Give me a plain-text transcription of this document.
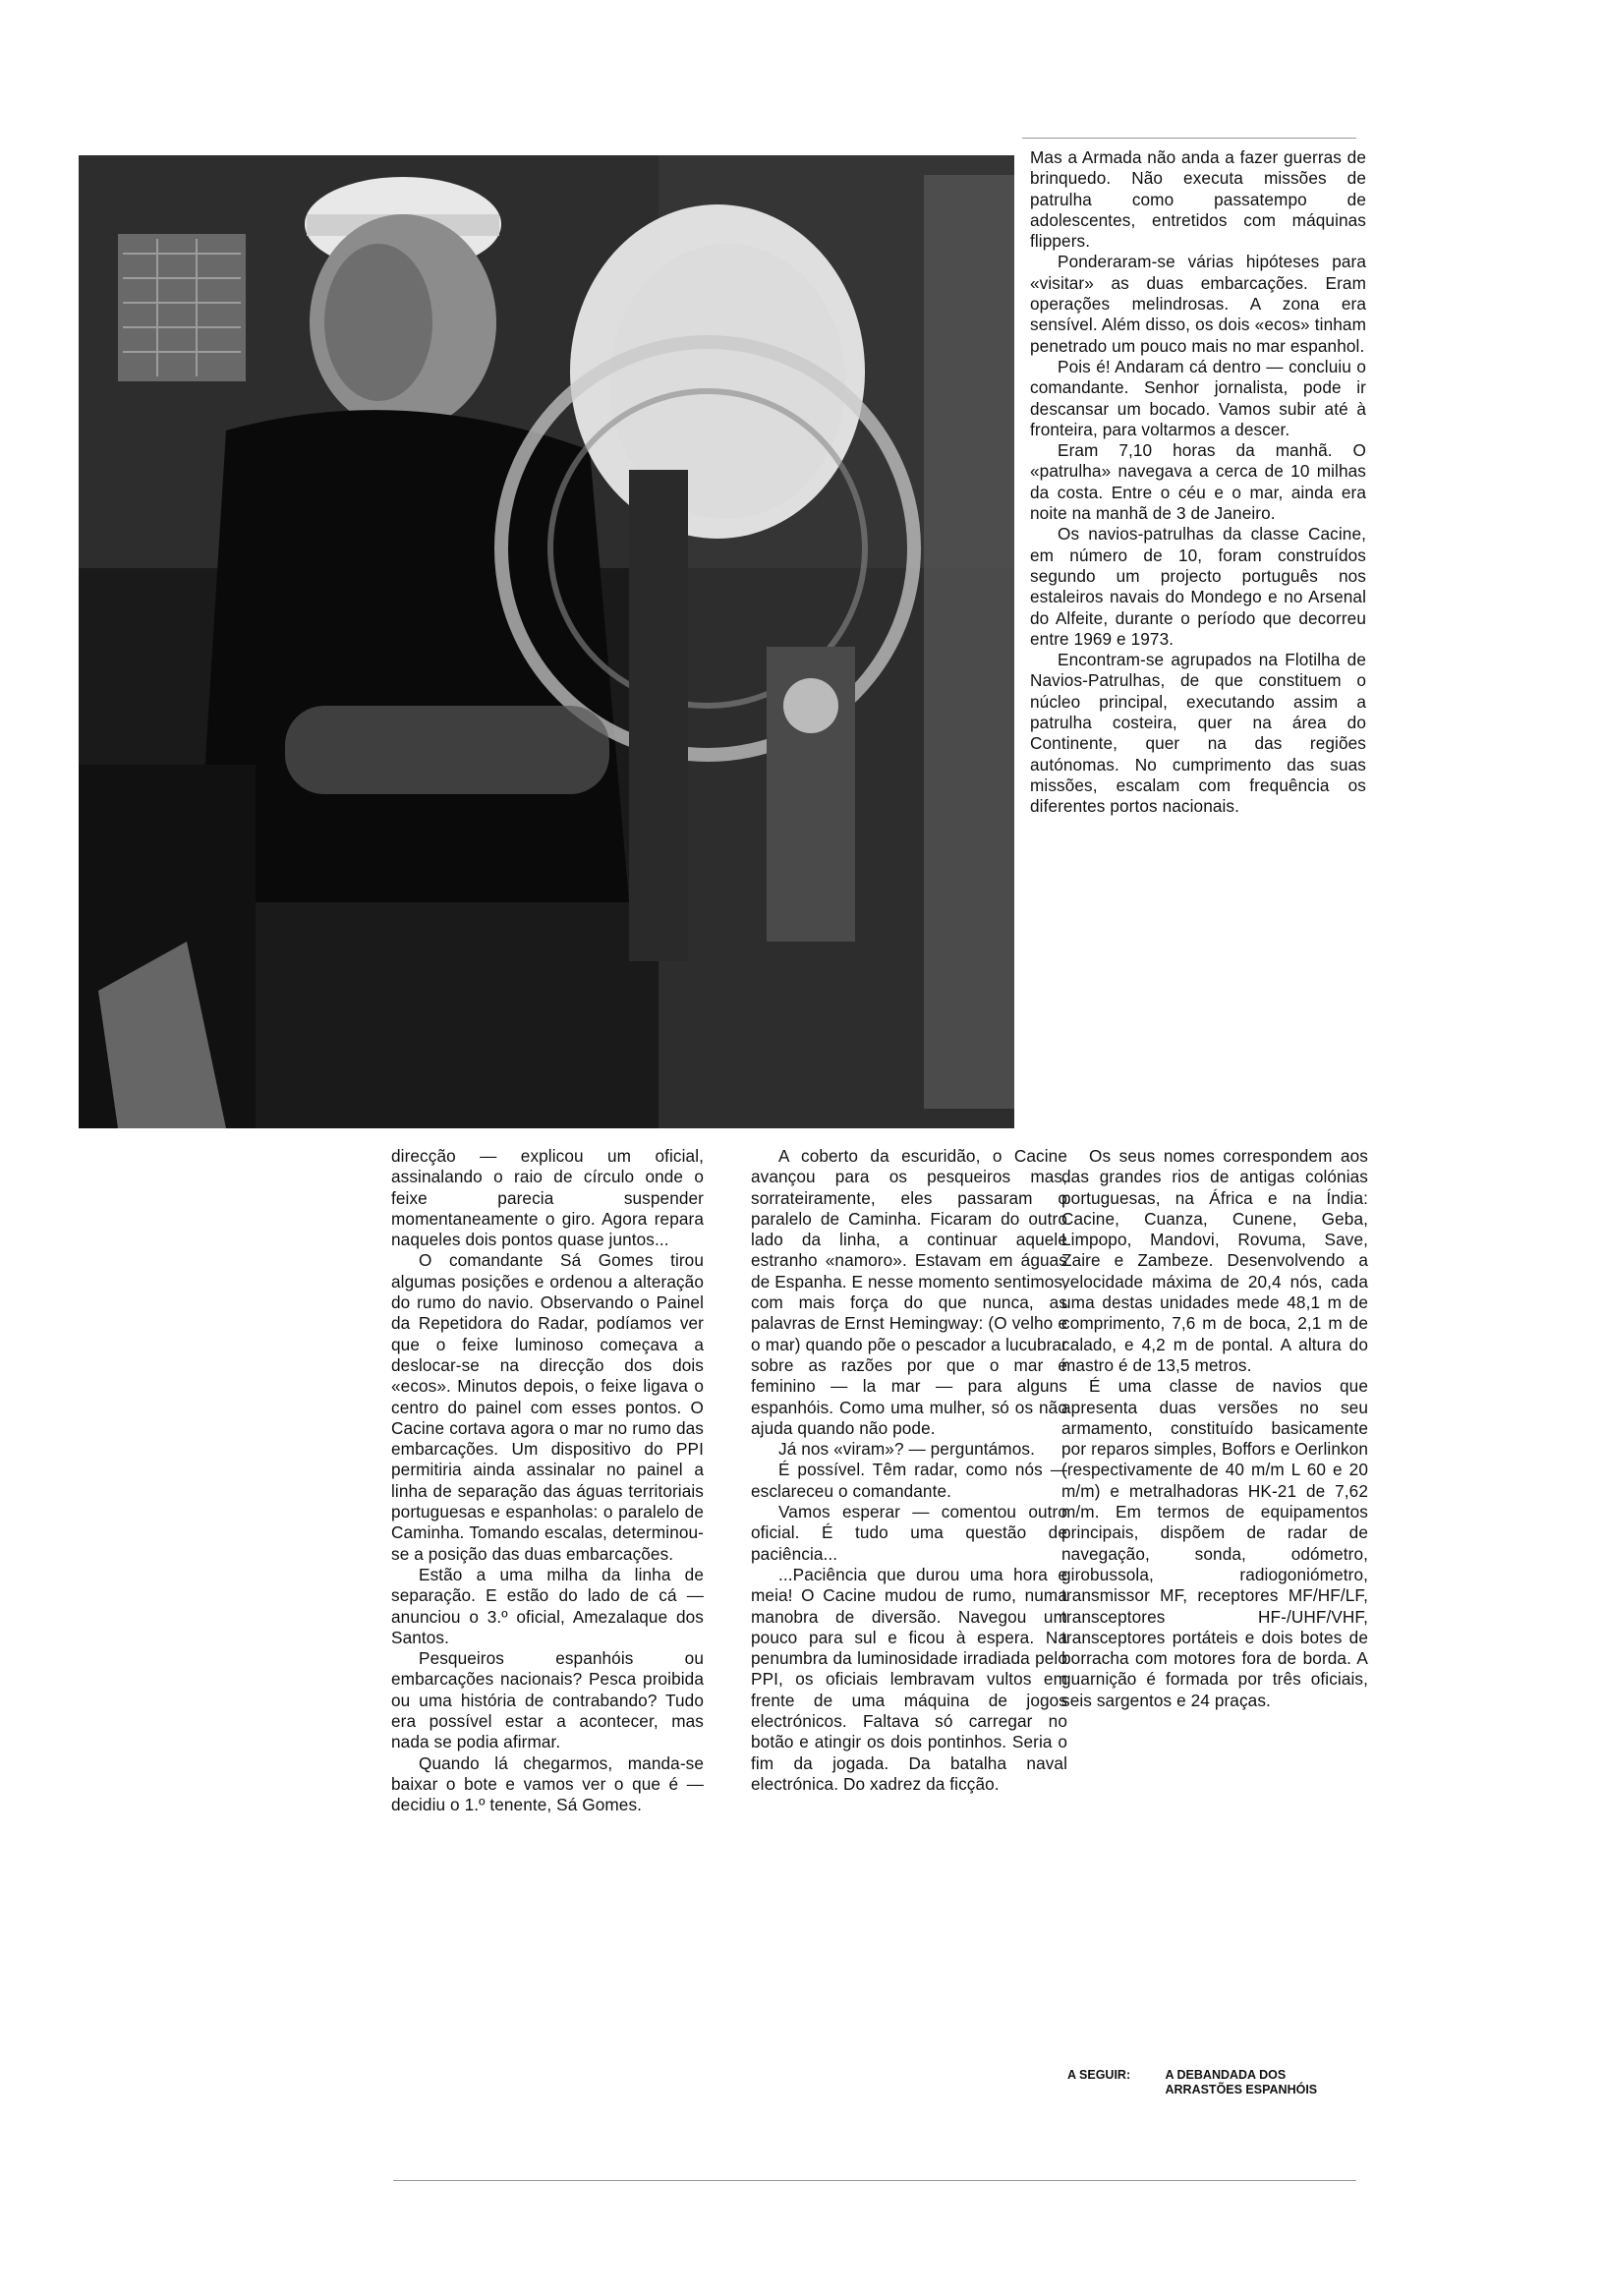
Mas a Armada não anda a fazer guerras de brinquedo. Não executa missões de patrulha como passatempo de adolescentes, entretidos com máquinas flippers.

Ponderaram-se várias hipóteses para «visitar» as duas embarcações. Eram operações melindrosas. A zona era sensível. Além disso, os dois «ecos» tinham penetrado um pouco mais no mar espanhol.

Pois é! Andaram cá dentro — concluiu o comandante. Senhor jornalista, pode ir descansar um bocado. Vamos subir até à fronteira, para voltarmos a descer.

Eram 7,10 horas da manhã. O «patrulha» navegava a cerca de 10 milhas da costa. Entre o céu e o mar, ainda era noite na manhã de 3 de Janeiro.

Os navios-patrulhas da classe Cacine, em número de 10, foram construídos segundo um projecto português nos estaleiros navais do Mondego e no Arsenal do Alfeite, durante o período que decorreu entre 1969 e 1973.

Encontram-se agrupados na Flotilha de Navios-Patrulhas, de que constituem o núcleo principal, executando assim a patrulha costeira, quer na área do Continente, quer na das regiões autónomas. No cumprimento das suas missões, escalam com frequência os diferentes portos nacionais.

direcção — explicou um oficial, assinalando o raio de círculo onde o feixe parecia suspender momentaneamente o giro. Agora repara naqueles dois pontos quase juntos...

O comandante Sá Gomes tirou algumas posições e ordenou a alteração do rumo do navio. Observando o Painel da Repetidora do Radar, podíamos ver que o feixe luminoso começava a deslocar-se na direcção dos dois «ecos». Minutos depois, o feixe ligava o centro do painel com esses pontos. O Cacine cortava agora o mar no rumo das embarcações. Um dispositivo do PPI permitiria ainda assinalar no painel a linha de separação das águas territoriais portuguesas e espanholas: o paralelo de Caminha. Tomando escalas, determinou-se a posição das duas embarcações.

Estão a uma milha da linha de separação. E estão do lado de cá — anunciou o 3.º oficial, Amezalaque dos Santos.

Pesqueiros espanhóis ou embarcações nacionais? Pesca proibida ou uma história de contrabando? Tudo era possível estar a acontecer, mas nada se podia afirmar.

Quando lá chegarmos, manda-se baixar o bote e vamos ver o que é — decidiu o 1.º tenente, Sá Gomes.

A coberto da escuridão, o Cacine avançou para os pesqueiros mas, sorrateiramente, eles passaram o paralelo de Caminha. Ficaram do outro lado da linha, a continuar aquele estranho «namoro». Estavam em águas de Espanha. E nesse momento sentimos, com mais força do que nunca, as palavras de Ernst Hemingway: (O velho e o mar) quando põe o pescador a lucubrar sobre as razões por que o mar é feminino — la mar — para alguns espanhóis. Como uma mulher, só os não ajuda quando não pode.

Já nos «viram»? — perguntámos.

É possível. Têm radar, como nós — esclareceu o comandante.

Vamos esperar — comentou outro oficial. É tudo uma questão de paciência...

...Paciência que durou uma hora e meia! O Cacine mudou de rumo, numa manobra de diversão. Navegou um pouco para sul e ficou à espera. Na penumbra da luminosidade irradiada pelo PPI, os oficiais lembravam vultos em frente de uma máquina de jogos electrónicos. Faltava só carregar no botão e atingir os dois pontinhos. Seria o fim da jogada. Da batalha naval electrónica. Do xadrez da ficção.

Os seus nomes correspondem aos das grandes rios de antigas colónias portuguesas, na África e na Índia: Cacine, Cuanza, Cunene, Geba, Limpopo, Mandovi, Rovuma, Save, Zaire e Zambeze. Desenvolvendo a velocidade máxima de 20,4 nós, cada uma destas unidades mede 48,1 m de comprimento, 7,6 m de boca, 2,1 m de calado, e 4,2 m de pontal. A altura do mastro é de 13,5 metros.

É uma classe de navios que apresenta duas versões no seu armamento, constituído basicamente por reparos simples, Boffors e Oerlinkon (respectivamente de 40 m/m L 60 e 20 m/m) e metralhadoras HK-21 de 7,62 m/m. Em termos de equipamentos principais, dispõem de radar de navegação, sonda, odómetro, girobussola, radiogoniómetro, transmissor MF, receptores MF/HF/LF, transceptores HF-/UHF/VHF, transceptores portáteis e dois botes de borracha com motores fora de borda. A guarnição é formada por três oficiais, seis sargentos e 24 praças.

A SEGUIR:	A DEBANDADA DOS ARRASTÕES ESPANHÓIS
